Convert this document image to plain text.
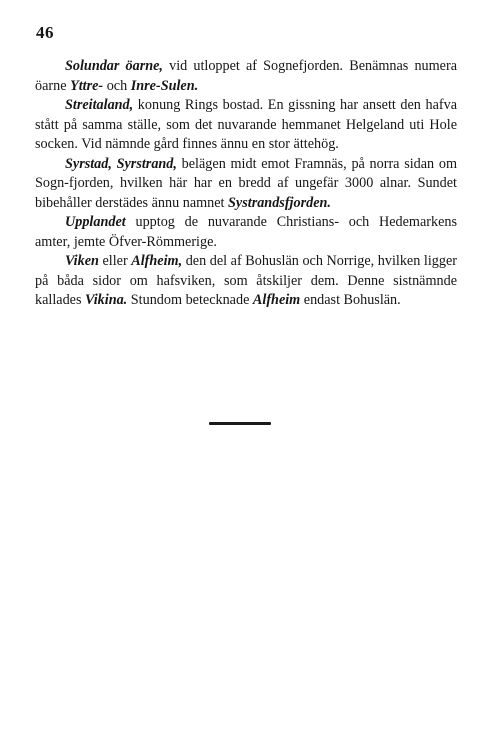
46

Solundar öarne, vid utloppet af Sognefjorden. Benämnas numera öarne Yttre- och Inre-Sulen.

Streitaland, konung Rings bostad. En gissning har ansett den hafva stått på samma ställe, som det nuvarande hemmanet Helgeland uti Hole socken. Vid nämnde gård finnes ännu en stor ättehög.

Syrstad, Syrstrand, belägen midt emot Framnäs, på norra sidan om Sogn-fjorden, hvilken här har en bredd af ungefär 3000 alnar. Sundet bibehåller derstädes ännu namnet Systrandsfjorden.

Upplandet upptog de nuvarande Christians- och Hedemarkens amter, jemte Öfver-Römmerige.

Viken eller Alfheim, den del af Bohuslän och Norrige, hvilken ligger på båda sidor om hafsviken, som åtskiljer dem. Denne sistnämnde kallades Vikina. Stundom betecknade Alfheim endast Bohuslän.
